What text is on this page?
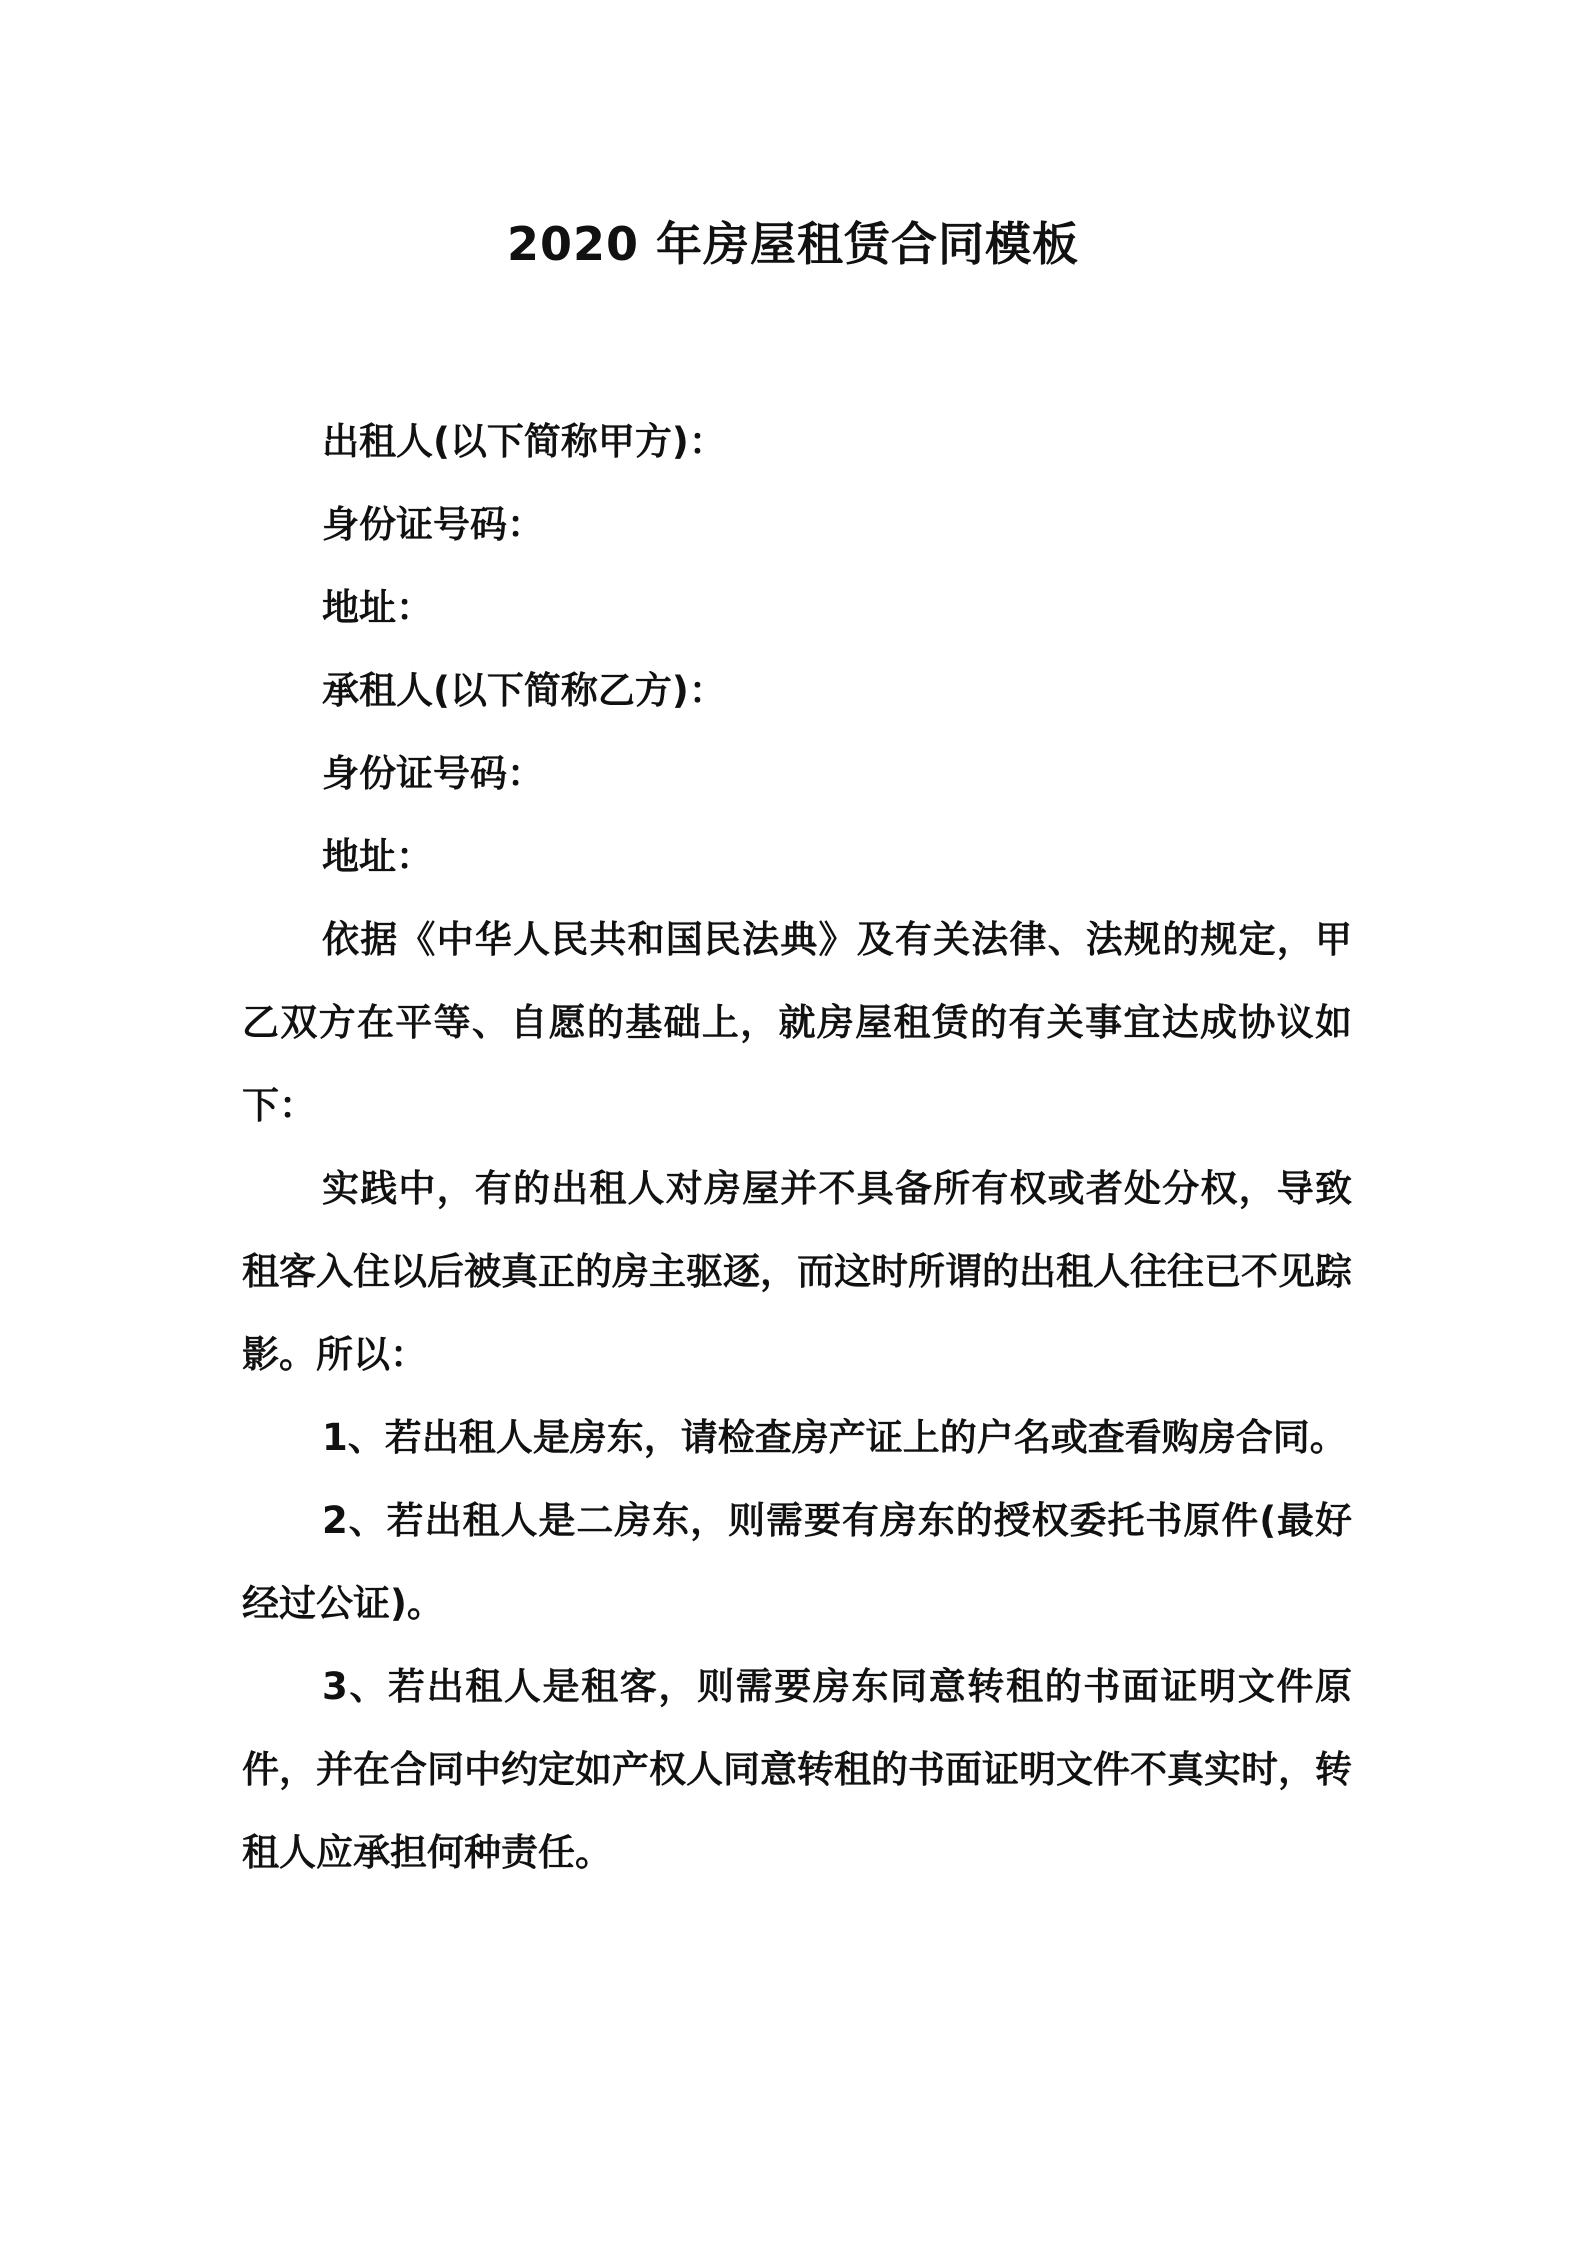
2020 年房屋租赁合同模板

出租人(以下简称甲方)：

身份证号码：

地址：

承租人(以下简称乙方)：

身份证号码：

地址：

依据《中华人民共和国民法典》及有关法律、法规的规定，甲乙双方在平等、自愿的基础上，就房屋租赁的有关事宜达成协议如下：

实践中，有的出租人对房屋并不具备所有权或者处分权，导致租客入住以后被真正的房主驱逐，而这时所谓的出租人往往已不见踪影。所以：

1、若出租人是房东，请检查房产证上的户名或查看购房合同。

2、若出租人是二房东，则需要有房东的授权委托书原件(最好经过公证)。

3、若出租人是租客，则需要房东同意转租的书面证明文件原件，并在合同中约定如产权人同意转租的书面证明文件不真实时，转租人应承担何种责任。
